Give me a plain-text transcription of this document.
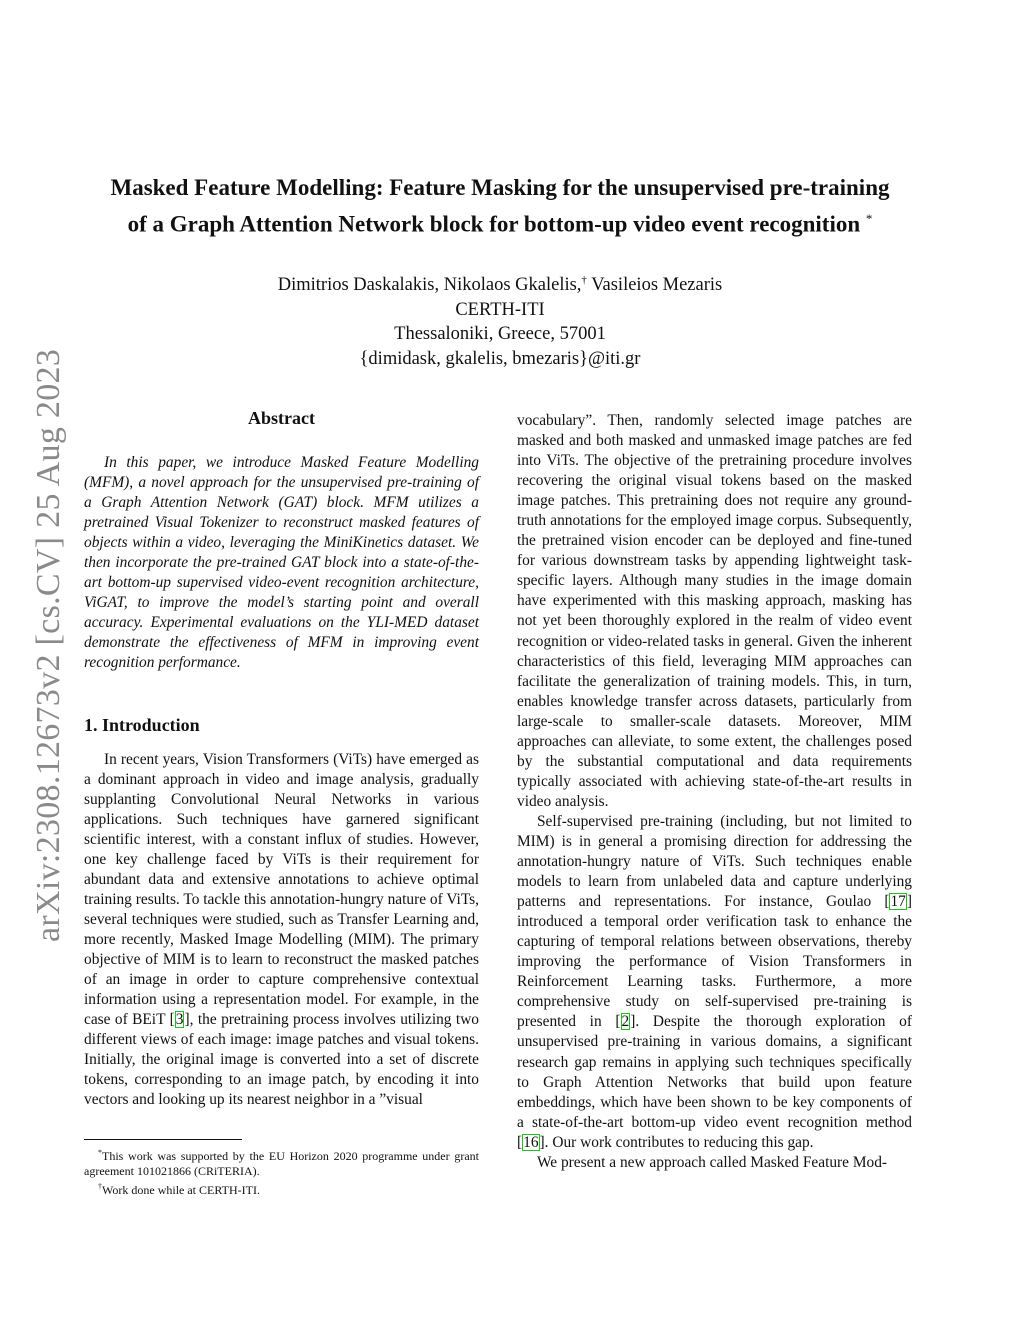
arXiv:2308.12673v2 [cs.CV] 25 Aug 2023
Masked Feature Modelling: Feature Masking for the unsupervised pre-training
of a Graph Attention Network block for bottom-up video event recognition *
Dimitrios Daskalakis, Nikolaos Gkalelis,† Vasileios Mezaris
CERTH-ITI
Thessaloniki, Greece, 57001
{dimidask, gkalelis, bmezaris}@iti.gr
Abstract

In this paper, we introduce Masked Feature Modelling (MFM), a novel approach for the unsupervised pre-training of a Graph Attention Network (GAT) block. MFM utilizes a pretrained Visual Tokenizer to reconstruct masked features of objects within a video, leveraging the MiniKinetics dataset. We then incorporate the pre-trained GAT block into a state-of-the-art bottom-up supervised video-event recognition architecture, ViGAT, to improve the model’s starting point and overall accuracy. Experimental evaluations on the YLI-MED dataset demonstrate the effectiveness of MFM in improving event recognition performance.

1. Introduction

In recent years, Vision Transformers (ViTs) have emerged as a dominant approach in video and image analysis, gradually supplanting Convolutional Neural Networks in various applications. Such techniques have garnered significant scientific interest, with a constant influx of studies. However, one key challenge faced by ViTs is their requirement for abundant data and extensive annotations to achieve optimal training results. To tackle this annotation-hungry nature of ViTs, several techniques were studied, such as Transfer Learning and, more recently, Masked Image Modelling (MIM). The primary objective of MIM is to learn to reconstruct the masked patches of an image in order to capture comprehensive contextual information using a representation model. For example, in the case of BEiT [3], the pretraining process involves utilizing two different views of each image: image patches and visual tokens. Initially, the original image is converted into a set of discrete tokens, corresponding to an image patch, by encoding it into vectors and looking up its nearest neighbor in a ”visual

*This work was supported by the EU Horizon 2020 programme under grant agreement 101021866 (CRiTERIA).

†Work done while at CERTH-ITI.

vocabulary”. Then, randomly selected image patches are masked and both masked and unmasked image patches are fed into ViTs. The objective of the pretraining procedure involves recovering the original visual tokens based on the masked image patches. This pretraining does not require any ground-truth annotations for the employed image corpus. Subsequently, the pretrained vision encoder can be deployed and fine-tuned for various downstream tasks by appending lightweight task-specific layers. Although many studies in the image domain have experimented with this masking approach, masking has not yet been thoroughly explored in the realm of video event recognition or video-related tasks in general. Given the inherent characteristics of this field, leveraging MIM approaches can facilitate the generalization of training models. This, in turn, enables knowledge transfer across datasets, particularly from large-scale to smaller-scale datasets. Moreover, MIM approaches can alleviate, to some extent, the challenges posed by the substantial computational and data requirements typically associated with achieving state-of-the-art results in video analysis.

Self-supervised pre-training (including, but not limited to MIM) is in general a promising direction for addressing the annotation-hungry nature of ViTs. Such techniques enable models to learn from unlabeled data and capture underlying patterns and representations. For instance, Goulao [17] introduced a temporal order verification task to enhance the capturing of temporal relations between observations, thereby improving the performance of Vision Transformers in Reinforcement Learning tasks. Furthermore, a more comprehensive study on self-supervised pre-training is presented in [2]. Despite the thorough exploration of unsupervised pre-training in various domains, a significant research gap remains in applying such techniques specifically to Graph Attention Networks that build upon feature embeddings, which have been shown to be key components of a state-of-the-art bottom-up video event recognition method [16]. Our work contributes to reducing this gap.

We present a new approach called Masked Feature Mod-
